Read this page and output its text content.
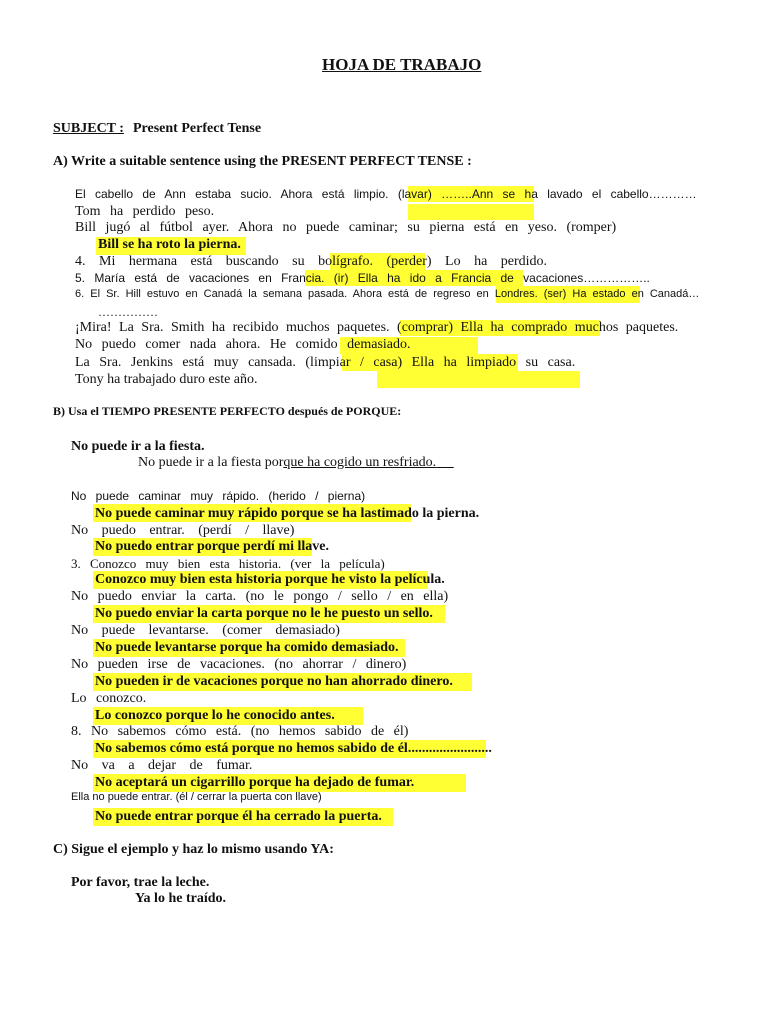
HOJA DE TRABAJO
SUBJECT : Present Perfect Tense
A) Write a suitable sentence using the PRESENT PERFECT TENSE :
El cabello de Ann estaba sucio. Ahora está limpio. (lavar) ……..Ann se ha lavado el cabello…………
Tom ha perdido peso.
Bill jugó al fútbol ayer. Ahora no puede caminar; su pierna está en yeso. (romper)
Bill se ha roto la pierna.
4. Mi hermana está buscando su bolígrafo. (perder) Lo ha perdido.
5. María está de vacaciones en Francia. (ir) Ella ha ido a Francia de vacaciones……………..
6. El Sr. Hill estuvo en Canadá la semana pasada. Ahora está de regreso en Londres. (ser) Ha estado en Canadá…
……………
¡Mira! La Sra. Smith ha recibido muchos paquetes. (comprar) Ella ha comprado muchos paquetes.
No puedo comer nada ahora. He comido demasiado.
La Sra. Jenkins está muy cansada. (limpiar / casa) Ella ha limpiado su casa.
Tony ha trabajado duro este año.
B) Usa el TIEMPO PRESENTE PERFECTO después de PORQUE:
No puede ir a la fiesta.
No puede ir a la fiesta porque ha cogido un resfriado.
No puede caminar muy rápido. (herido / pierna)
No puede caminar muy rápido porque se ha lastimado la pierna.
No puedo entrar. (perdí / llave)
No puedo entrar porque perdí mi llave.
3. Conozco muy bien esta historia. (ver la película)
Conozco muy bien esta historia porque he visto la película.
No puedo enviar la carta. (no le pongo / sello / en ella)
No puedo enviar la carta porque no le he puesto un sello.
No puede levantarse. (comer demasiado)
No puede levantarse porque ha comido demasiado.
No pueden irse de vacaciones. (no ahorrar / dinero)
No pueden ir de vacaciones porque no han ahorrado dinero.
Lo conozco.
Lo conozco porque lo he conocido antes.
8. No sabemos cómo está. (no hemos sabido de él)
No sabemos cómo está porque no hemos sabido de él........................
No va a dejar de fumar.
No aceptará un cigarrillo porque ha dejado de fumar.
Ella no puede entrar. (él / cerrar la puerta con llave)
No puede entrar porque él ha cerrado la puerta.
C) Sigue el ejemplo y haz lo mismo usando YA:
Por favor, trae la leche.
Ya lo he traído.
